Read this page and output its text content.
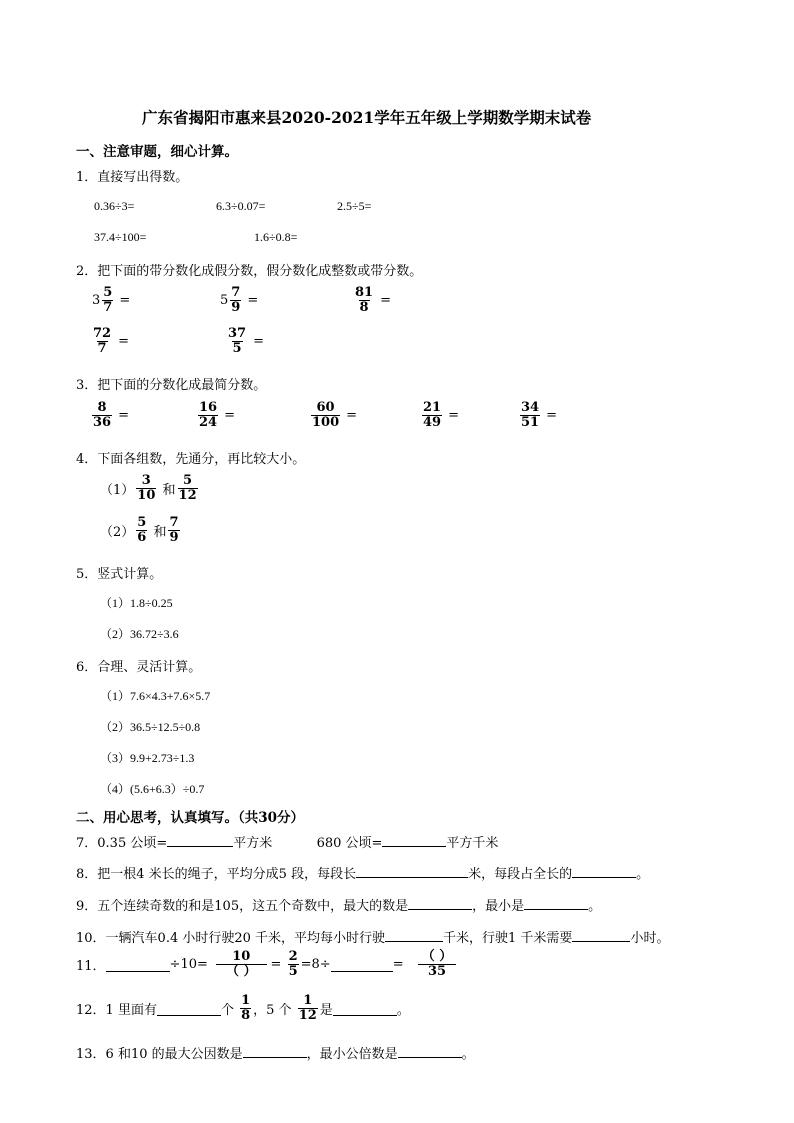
广东省揭阳市惠来县2020-2021学年五年级上学期数学期末试卷
一、注意审题，细心计算。
1．直接写出得数。
0.36÷3=	6.3÷0.07=	2.5÷5=
37.4÷100=	1.6÷0.8=
2．把下面的带分数化成假分数，假分数化成整数或带分数。
$3 \frac{5}{7}$ =	$5 \frac{7}{9}$ =	$\frac{81}{8}$ =
$\frac{72}{7}$ =	$\frac{37}{5}$ =
3．把下面的分数化成最简分数。
$\frac{8}{36}$ =	$\frac{16}{24}$ =	$\frac{60}{100}$ =	$\frac{21}{49}$ =	$\frac{34}{51}$ =
4．下面各组数，先通分，再比较大小。
$(1) \frac{3}{10}$ 和 $\frac{5}{12}$
$(2) \frac{5}{6}$ 和 $\frac{7}{9}$
5．竖式计算。
（1）1.8÷0.25
（2）36.72÷3.6
6．合理、灵活计算。
（1）7.6×4.3+7.6×5.7
（2）36.5÷12.5÷0.8
（3）9.9+2.73÷1.3
（4）(5.6+6.3）÷0.7
二、用心思考，认真填写。（共30分）
7．0.35 公顷=	平方米	680 公顷=	平方千米
8．把一根4 米长的绳子，平均分成5 段，每段长	米，每段占全长的	。
9．五个连续奇数的和是105，这五个奇数中，最大的数是	，最小是	。
10．一辆汽车0.4 小时行驶20 千米，平均每小时行驶	千米，行驶1 千米需要	小时。
11．	$\div 10= \frac{10}{( )} = \frac{2}{5} =8\div$	= $\frac{( )}{35}$
12．1 里面有	个 $\frac{1}{8}$ ，5 个 $\frac{1}{12}$ 是	。
13．6 和10 的最大公因数是	，最小公倍数是	。
